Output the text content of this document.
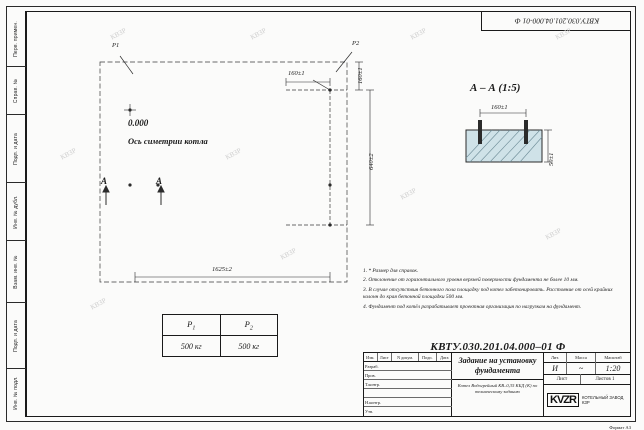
Перв. примен.
Справ. №
Подп. и дата
Инв. № дубл.
Взам. инв. №
Подп. и дата
Инв. № подл.
КВТУ.030.201.04.000-01 Ф
КВЗР	КВЗР	КВЗР	КВЗР
КВЗР	КВЗР
КВЗР
КВЗР
КВЗР
КВЗР
P1	P2
0.000
Ось симетрии котла
А	А
А – А (1:5)
160±1	160±1
640±2
1625±2
160±1
50±1
1. * Размер для справок.
2. Отклонение от горизонтального уровня верхней поверхности фундамента не более 10 мм.
3. В случае отсутствия бетонного пола площадку под котел забетонировать. Расстояние от осей крайних колонн до края бетонной площадки 500 мм.
4. Фундамент под котёл разрабатывает проектная организация по нагрузкам на фундамент.
$P_1$	$P_2$
500 кг	500 кг	КВТУ.030.201.04.000–01 Ф
Изм.	Лист	N докум.	Подп.	Дата
Разраб.
Пров.
Т.контр.
Н.контр.
Утв.
Задание на установку фундамента
Котел Водогрейный КВ–0,35 КБД (К) по техническому заданию
Лит.	Масса	Масштаб
И	~	1:20
Лист	Листов 1
KVZR	КОТЕЛЬНЫЙ ЗАВОД КЗР
Формат А3
